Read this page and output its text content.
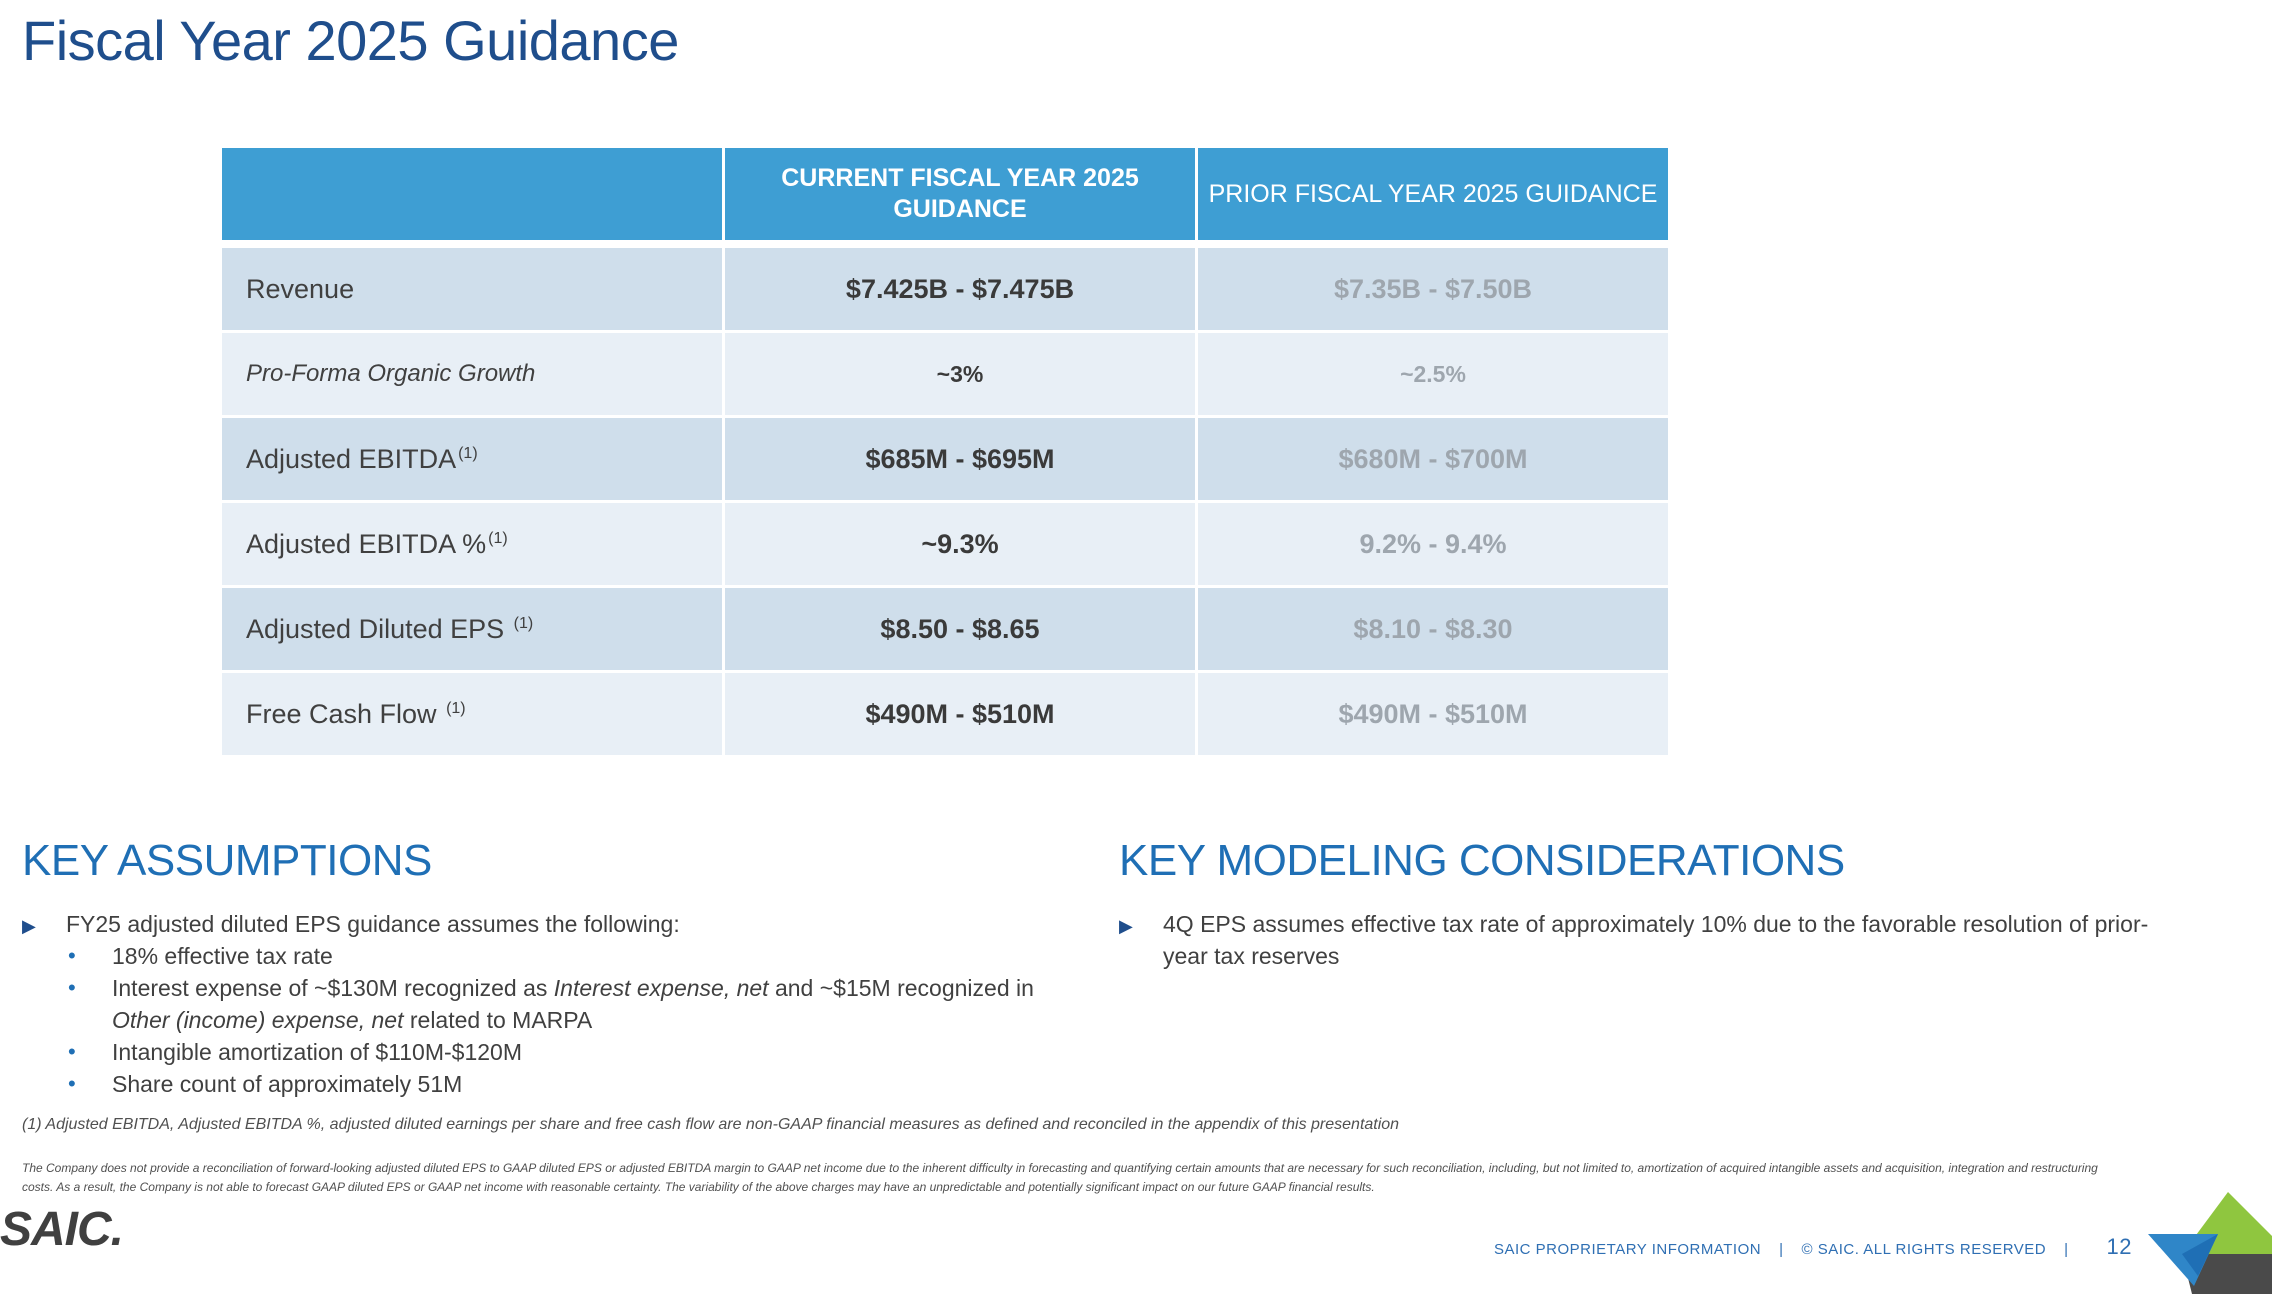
Fiscal Year 2025 Guidance
	CURRENT FISCAL YEAR 2025 GUIDANCE	PRIOR FISCAL YEAR 2025 GUIDANCE
Revenue	$7.425B - $7.475B	$7.35B - $7.50B
Pro-Forma Organic Growth	~3%	~2.5%
Adjusted EBITDA $^{(1)}$	$685M - $695M	$680M - $700M
Adjusted EBITDA % $^{(1)}$	~9.3%	9.2% - 9.4%
Adjusted Diluted EPS $^{(1)}$	$8.50 - $8.65	$8.10 - $8.30
Free Cash Flow $^{(1)}$	$490M - $510M	$490M - $510M
KEY ASSUMPTIONS
▶ FY25 adjusted diluted EPS guidance assumes the following:
• 18% effective tax rate
• Interest expense of ~$130M recognized as Interest expense, net and ~$15M recognized in Other (income) expense, net related to MARPA
• Intangible amortization of $110M-$120M
• Share count of approximately 51M
KEY MODELING CONSIDERATIONS
▶ 4Q EPS assumes effective tax rate of approximately 10% due to the favorable resolution of prior-year tax reserves
(1) Adjusted EBITDA, Adjusted EBITDA %, adjusted diluted earnings per share and free cash flow are non-GAAP financial measures as defined and reconciled in the appendix of this presentation
The Company does not provide a reconciliation of forward-looking adjusted diluted EPS to GAAP diluted EPS or adjusted EBITDA margin to GAAP net income due to the inherent difficulty in forecasting and quantifying certain amounts that are necessary for such reconciliation, including, but not limited to, amortization of acquired intangible assets and acquisition, integration and restructuring costs. As a result, the Company is not able to forecast GAAP diluted EPS or GAAP net income with reasonable certainty. The variability of the above charges may have an unpredictable and potentially significant impact on our future GAAP financial results.
SAIC.	SAIC PROPRIETARY INFORMATION | © SAIC. ALL RIGHTS RESERVED | 12
